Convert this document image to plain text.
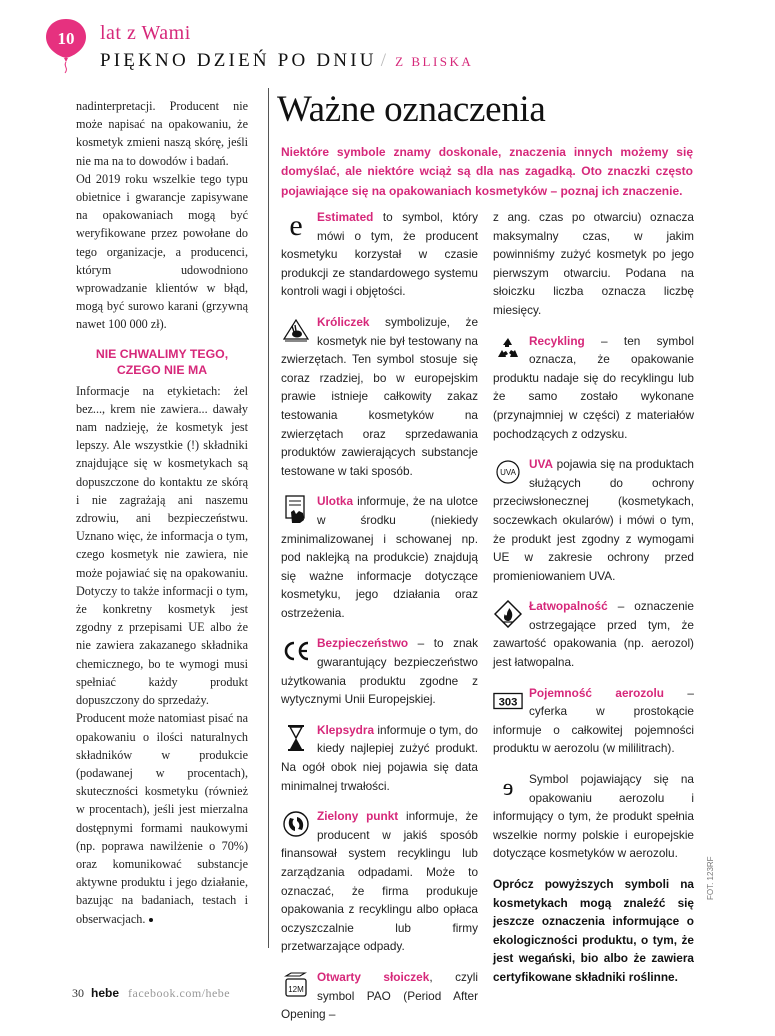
10 lat z Wami
PIĘKNO DZIEŃ PO DNIU / Z BLISKA

nadinterpretacji. Producent nie może napisać na opakowaniu, że kosmetyk zmieni naszą skórę, jeśli nie ma na to dowodów i badań.

Od 2019 roku wszelkie tego typu obietnice i gwarancje zapisywane na opakowaniach mogą być weryfikowane przez powołane do tego organizacje, a producenci, którym udowodniono wprowadzanie klientów w błąd, mogą być surowo karani (grzywną nawet 100 000 zł).

NIE CHWALIMY TEGO, CZEGO NIE MA

Informacje na etykietach: żel bez..., krem nie zawiera... dawały nam nadzieję, że kosmetyk jest lepszy. Ale wszystkie (!) składniki znajdujące się w kosmetykach są dopuszczone do kontaktu ze skórą i nie zagrażają ani naszemu zdrowiu, ani bezpieczeństwu. Uznano więc, że informacja o tym, czego kosmetyk nie zawiera, nie może pojawiać się na opakowaniu. Dotyczy to także informacji o tym, że konkretny kosmetyk jest zgodny z przepisami UE albo że nie zawiera zakazanego składnika chemicznego, bo te wymogi musi spełniać każdy produkt dopuszczony do sprzedaży.

Producent może natomiast pisać na opakowaniu o ilości naturalnych składników w produkcie (podawanej w procentach), skuteczności kosmetyku (również w procentach), jeśli jest mierzalna dostępnymi formami naukowymi (np. poprawa nawilżenie o 70%) oraz komunikować substancje aktywne produktu i jego działanie, bazując na badaniach, testach i obserwacjach.

Ważne oznaczenia
Niektóre symbole znamy doskonale, znaczenia innych możemy się domyślać, ale niektóre wciąż są dla nas zagadką. Oto znaczki często pojawiające się na opakowaniach kosmetyków – poznaj ich znaczenie.
e	Estimated to symbol, który mówi o tym, że producent kosmetyku korzystał w czasie produkcji ze standardowego systemu kontroli wagi i objętości.

Króliczek symbolizuje, że kosmetyk nie był testowany na zwierzętach. Ten symbol stosuje się coraz rzadziej, bo w europejskim prawie istnieje całkowity zakaz testowania kosmetyków na zwierzętach oraz sprzedawania produktów zawierających substancje testowane w taki sposób.

Ulotka informuje, że na ulotce w środku (niekiedy zminimalizowanej i schowanej np. pod naklejką na produkcie) znajdują się ważne informacje dotyczące kosmetyku, jego działania oraz ostrzeżenia.

Bezpieczeństwo – to znak gwarantujący bezpieczeństwo użytkowania produktu zgodne z wytycznymi Unii Europejskiej.

Klepsydra informuje o tym, do kiedy najlepiej zużyć produkt. Na ogół obok niej pojawia się data minimalnej trwałości.

Zielony punkt informuje, że producent w jakiś sposób finansował system recyklingu lub zarządzania odpadami. Może to oznaczać, że firma produkuje opakowania z recyklingu albo opłaca oczyszczalnie lub firmy przetwarzające odpady.

12M

Otwarty słoiczek, czyli symbol PAO (Period After Opening –

z ang. czas po otwarciu) oznacza maksymalny czas, w jakim powinniśmy zużyć kosmetyk po jego pierwszym otwarciu. Podana na słoiczku liczba oznacza liczbę miesięcy.

Recykling – ten symbol oznacza, że opakowanie produktu nadaje się do recyklingu lub że samo zostało wykonane (przynajmniej w części) z materiałów pochodzących z odzysku.

UVA

UVA pojawia się na produktach służących do ochrony przeciwsłonecznej (kosmetykach, soczewkach okularów) i mówi o tym, że produkt jest zgodny z wymogami UE w zakresie ochrony przed promieniowaniem UVA.

Łatwopalność – oznaczenie ostrzegające przed tym, że zawartość opakowania (np. aerozol) jest łatwopalna.

303

Pojemność aerozolu – cyferka w prostokącie informuje o całkowitej pojemności produktu w aerozolu (w mililitrach).

e	Symbol pojawiający się na opakowaniu aerozolu i informujący o tym, że produkt spełnia wszelkie normy polskie i europejskie dotyczące kosmetyków w aerozolu.

Oprócz powyższych symboli na kosmetykach mogą znaleźć się jeszcze oznaczenia informujące o ekologiczności produktu, o tym, że jest wegański, bio albo że zawiera certyfikowane składniki roślinne.

30 hebe facebook.com/hebe
FOT. 123RF
